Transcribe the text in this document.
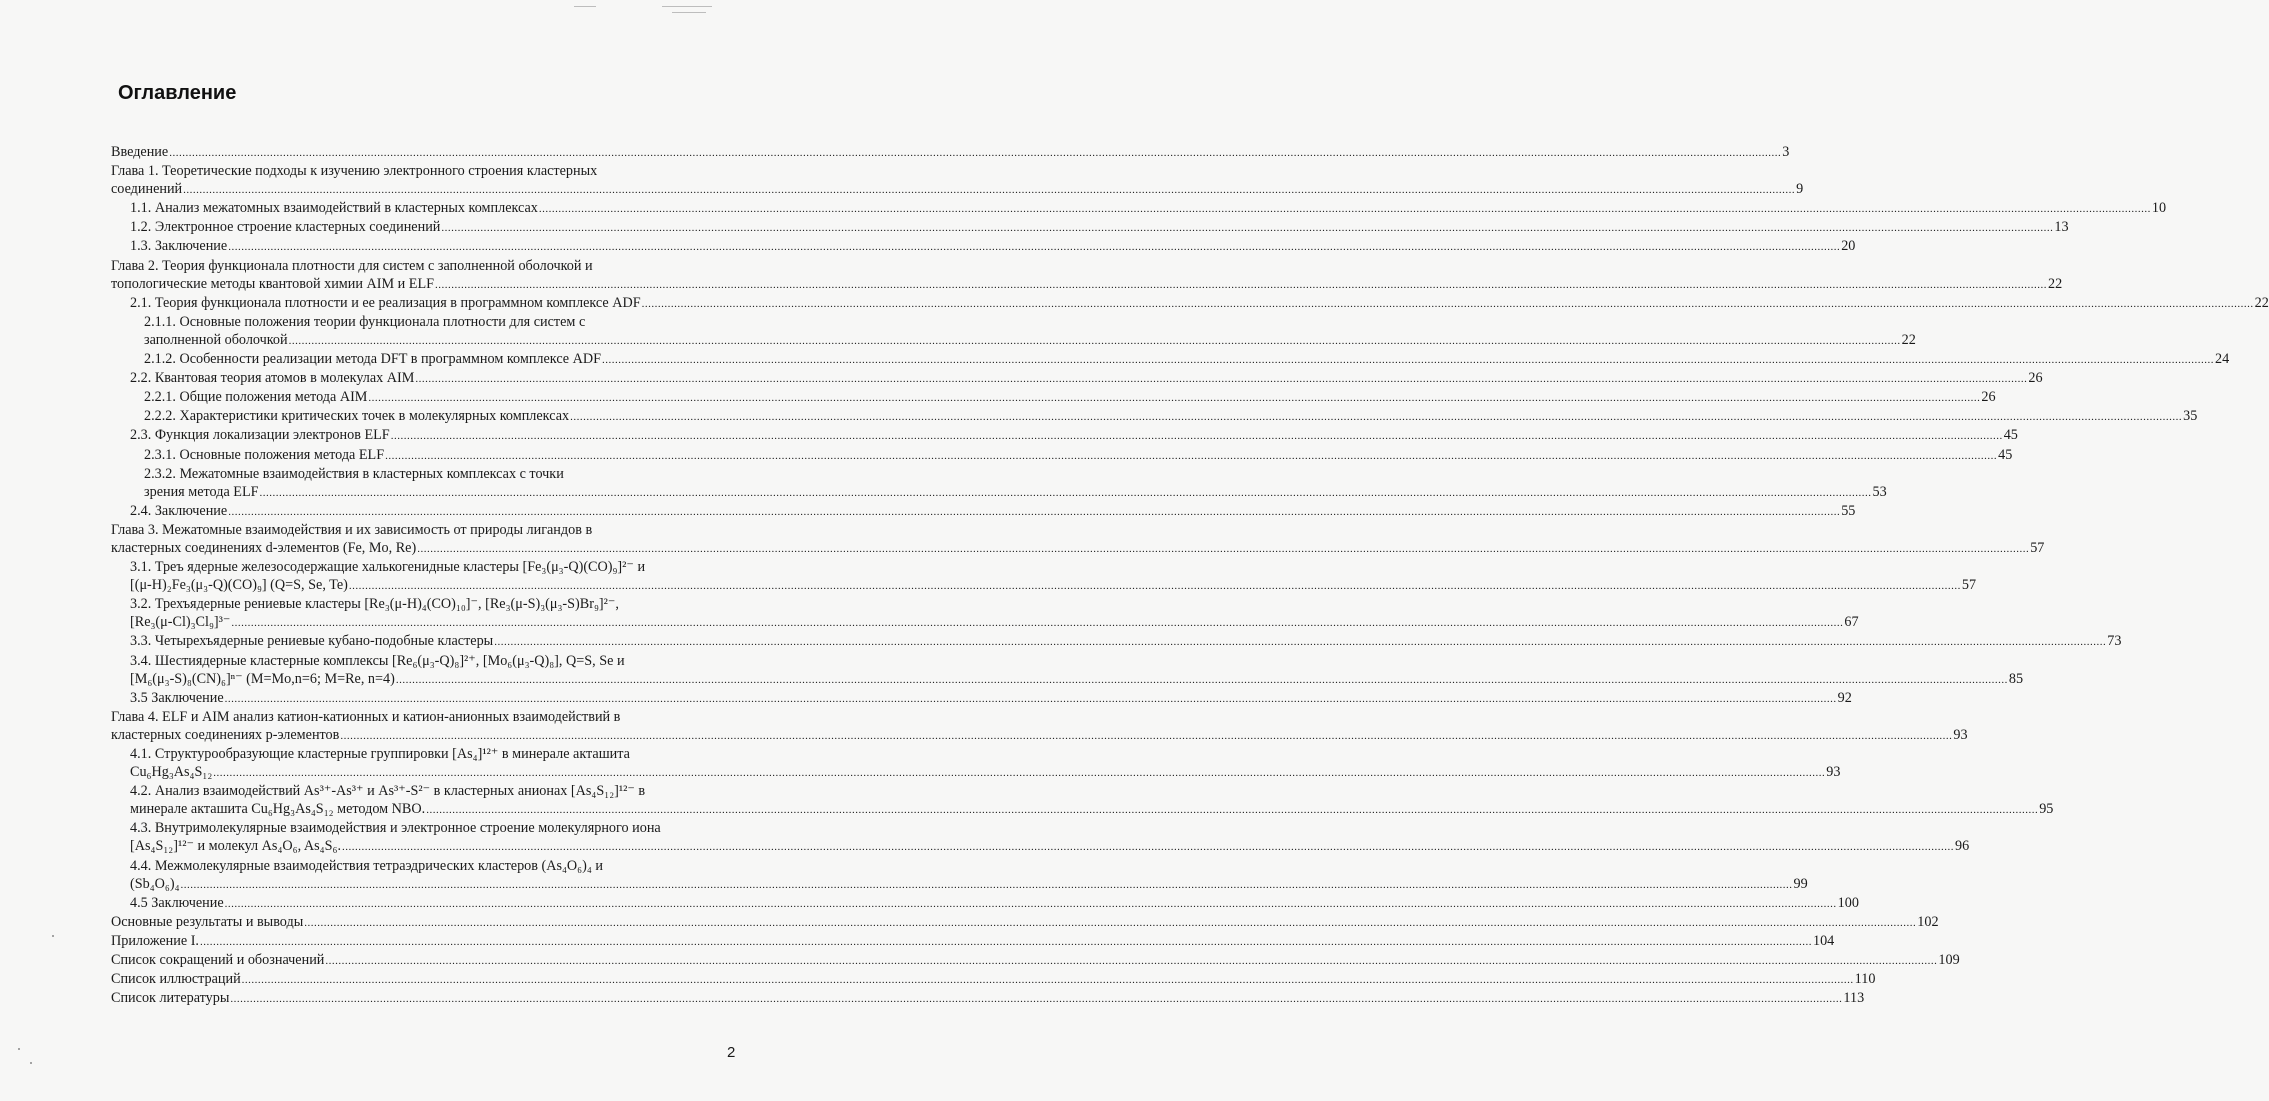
Оглавление
Введение .....	3
Глава 1. Теоретические подходы к изучению электронного строения кластерных
соединений .....	9
1.1. Анализ межатомных взаимодействий в кластерных комплексах .....	10
1.2. Электронное строение кластерных соединений .....	13
1.3. Заключение .....	20
Глава 2. Теория функционала плотности для систем с заполненной оболочкой и
топологические методы квантовой химии AIM и ELF .....	22
2.1. Теория функционала плотности и ее реализация в программном комплексе ADF .....	22
2.1.1. Основные положения теории функционала плотности для систем с
заполненной оболочкой .....	22
2.1.2. Особенности реализации метода DFT в программном комплексе ADF .....	24
2.2. Квантовая теория атомов в молекулах AIM .....	26
2.2.1. Общие положения метода AIM .....	26
2.2.2. Характеристики критических точек в молекулярных комплексах .....	35
2.3. Функция локализации электронов ELF .....	45
2.3.1. Основные положения метода ELF .....	45
2.3.2. Межатомные взаимодействия в кластерных комплексах с точки
зрения метода ELF .....	53
2.4. Заключение .....	55
Глава 3. Межатомные взаимодействия и их зависимость от природы лигандов в
кластерных соединениях d-элементов (Fe, Mo, Re) .....	57
3.1. Треъ ядерные железосодержащие халькогенидные кластеры [Fe₃(μ₃-Q)(CO)₉]²⁻ и
[(μ-H)₂Fe₃(μ₃-Q)(CO)₉] (Q=S, Se, Te) .....	57
3.2. Трехъядерные рениевые кластеры [Re₃(μ-H)₄(CO)₁₀]⁻, [Re₃(μ-S)₃(μ₃-S)Br₉]²⁻,
[Re₃(μ-Cl)₃Cl₉]³⁻ .....	67
3.3. Четырехъядерные рениевые кубано-подобные кластеры .....	73
3.4. Шестиядерные кластерные комплексы [Re₆(μ₃-Q)₈]²⁺, [Mo₆(μ₃-Q)₈], Q=S, Se и
[M₆(μ₃-S)₈(CN)₆]ⁿ⁻ (M=Mo,n=6; M=Re, n=4) .....	85
3.5 Заключение .....	92
Глава 4. ELF и AIM анализ катион-катионных и катион-анионных взаимодействий в
кластерных соединениях р-элементов .....	93
4.1. Структурообразующие кластерные группировки [As₄]¹²⁺ в минерале акташита
Cu₆Hg₃As₄S₁₂ .....	93
4.2. Анализ взаимодействий As³⁺-As³⁺ и As³⁺-S²⁻ в кластерных анионах [As₄S₁₂]¹²⁻ в
минерале акташита Cu₆Hg₃As₄S₁₂ методом NBO. .....	95
4.3. Внутримолекулярные взаимодействия и электронное строение молекулярного иона
[As₄S₁₂]¹²⁻ и молекул As₄O₆, As₄S₆. .....	96
4.4. Межмолекулярные взаимодействия тетраэдрических кластеров (As₄O₆)₄ и
(Sb₄O₆)₄ .....	99
4.5 Заключение .....	100
Основные результаты и выводы .....	102
Приложение I. .....	104
Список сокращений и обозначений .....	109
Список иллюстраций .....	110
Список литературы .....	113
2
